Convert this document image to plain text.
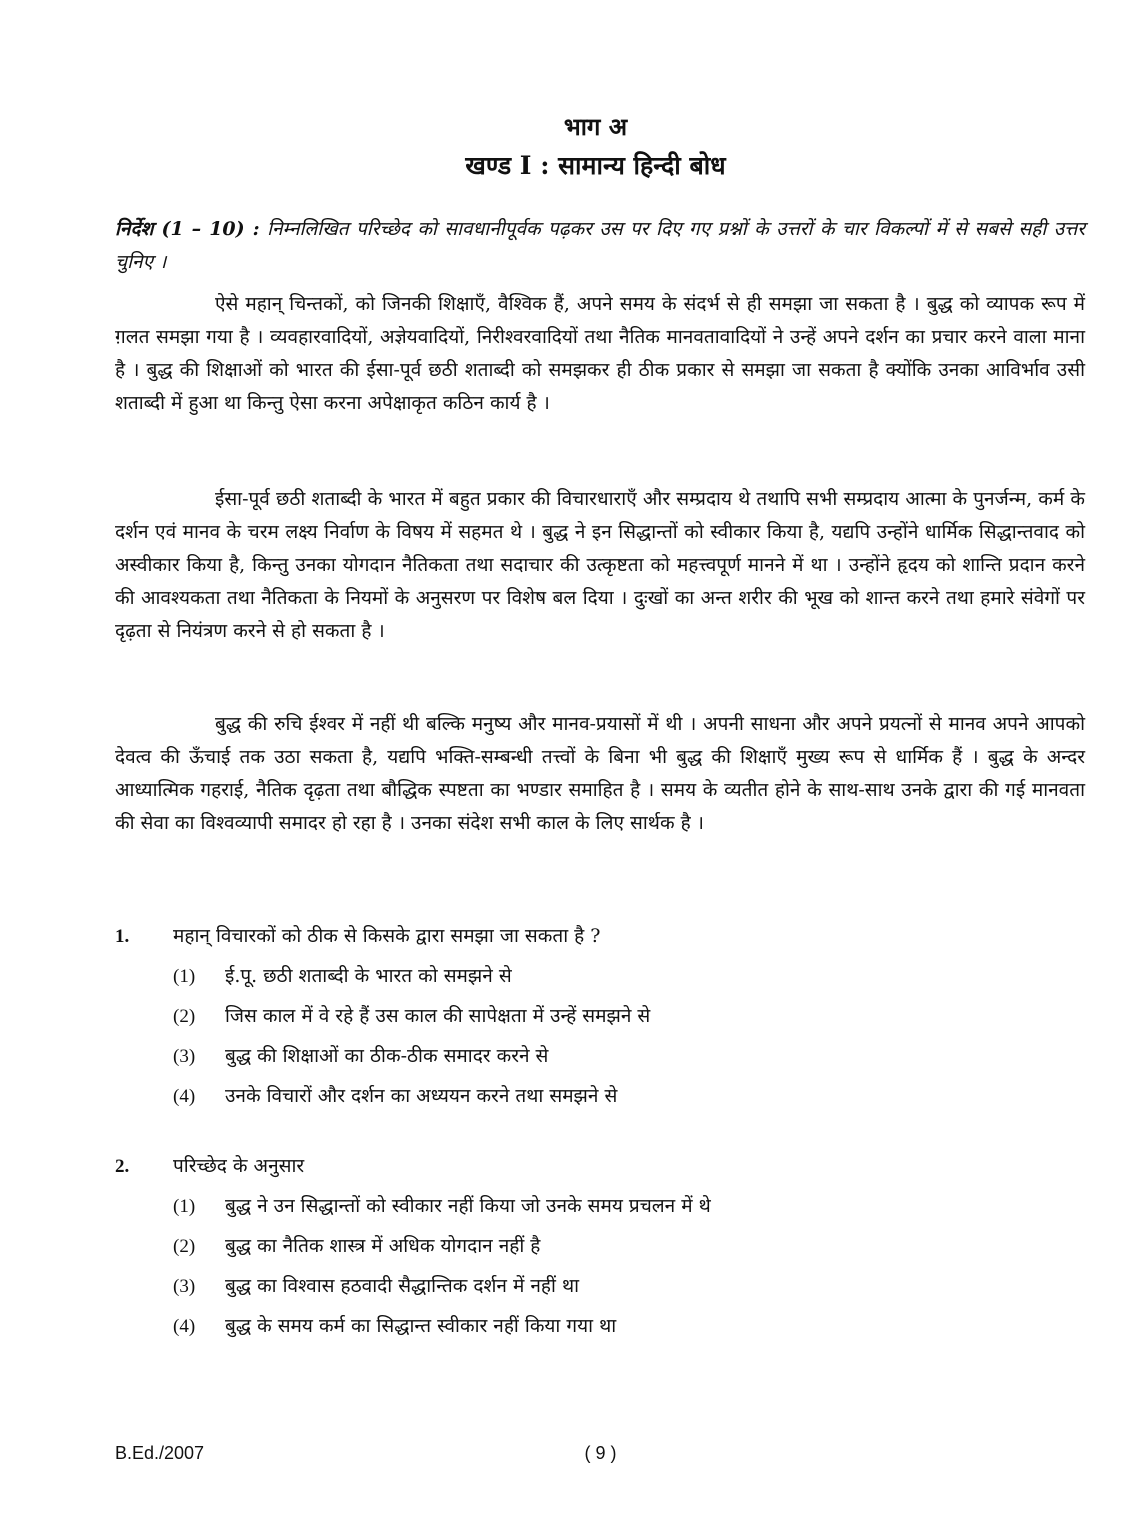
भाग अ
खण्ड I : सामान्य हिन्दी बोध
निर्देश (1 – 10) : निम्नलिखित परिच्छेद को सावधानीपूर्वक पढ़कर उस पर दिए गए प्रश्नों के उत्तरों के चार विकल्पों में से सबसे सही उत्तर चुनिए ।

ऐसे महान् चिन्तकों, को जिनकी शिक्षाएँ, वैश्विक हैं, अपने समय के संदर्भ से ही समझा जा सकता है । बुद्ध को व्यापक रूप में ग़लत समझा गया है । व्यवहारवादियों, अज्ञेयवादियों, निरीश्वरवादियों तथा नैतिक मानवतावादियों ने उन्हें अपने दर्शन का प्रचार करने वाला माना है । बुद्ध की शिक्षाओं को भारत की ईसा-पूर्व छठी शताब्दी को समझकर ही ठीक प्रकार से समझा जा सकता है क्योंकि उनका आविर्भाव उसी शताब्दी में हुआ था किन्तु ऐसा करना अपेक्षाकृत कठिन कार्य है ।

ईसा-पूर्व छठी शताब्दी के भारत में बहुत प्रकार की विचारधाराएँ और सम्प्रदाय थे तथापि सभी सम्प्रदाय आत्मा के पुनर्जन्म, कर्म के दर्शन एवं मानव के चरम लक्ष्य निर्वाण के विषय में सहमत थे । बुद्ध ने इन सिद्धान्तों को स्वीकार किया है, यद्यपि उन्होंने धार्मिक सिद्धान्तवाद को अस्वीकार किया है, किन्तु उनका योगदान नैतिकता तथा सदाचार की उत्कृष्टता को महत्त्वपूर्ण मानने में था । उन्होंने हृदय को शान्ति प्रदान करने की आवश्यकता तथा नैतिकता के नियमों के अनुसरण पर विशेष बल दिया । दुःखों का अन्त शरीर की भूख को शान्त करने तथा हमारे संवेगों पर दृढ़ता से नियंत्रण करने से हो सकता है ।

बुद्ध की रुचि ईश्वर में नहीं थी बल्कि मनुष्य और मानव-प्रयासों में थी । अपनी साधना और अपने प्रयत्नों से मानव अपने आपको देवत्व की ऊँचाई तक उठा सकता है, यद्यपि भक्ति-सम्बन्धी तत्त्वों के बिना भी बुद्ध की शिक्षाएँ मुख्य रूप से धार्मिक हैं । बुद्ध के अन्दर आध्यात्मिक गहराई, नैतिक दृढ़ता तथा बौद्धिक स्पष्टता का भण्डार समाहित है । समय के व्यतीत होने के साथ-साथ उनके द्वारा की गई मानवता की सेवा का विश्वव्यापी समादर हो रहा है । उनका संदेश सभी काल के लिए सार्थक है ।

1.	महान् विचारकों को ठीक से किसके द्वारा समझा जा सकता है ?
(1)	ई.पू. छठी शताब्दी के भारत को समझने से
(2)	जिस काल में वे रहे हैं उस काल की सापेक्षता में उन्हें समझने से
(3)	बुद्ध की शिक्षाओं का ठीक-ठीक समादर करने से
(4)	उनके विचारों और दर्शन का अध्ययन करने तथा समझने से
2.	परिच्छेद के अनुसार
(1)	बुद्ध ने उन सिद्धान्तों को स्वीकार नहीं किया जो उनके समय प्रचलन में थे
(2)	बुद्ध का नैतिक शास्त्र में अधिक योगदान नहीं है
(3)	बुद्ध का विश्वास हठवादी सैद्धान्तिक दर्शन में नहीं था
(4)	बुद्ध के समय कर्म का सिद्धान्त स्वीकार नहीं किया गया था
B.Ed./2007	( 9 )
